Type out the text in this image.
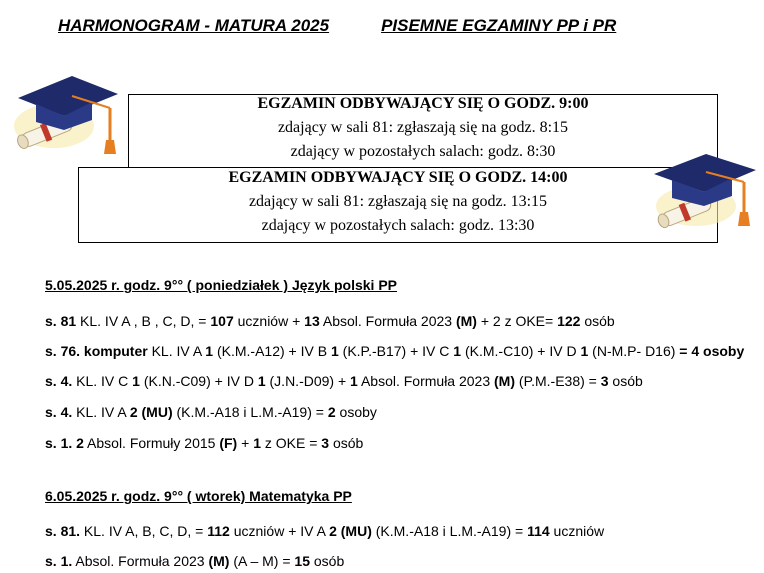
HARMONOGRAM - MATURA 2025	PISEMNE EGZAMINY PP i PR
EGZAMIN ODBYWAJĄCY SIĘ O GODZ. 9:00
zdający w sali 81: zgłaszają się na godz. 8:15
zdający w pozostałych salach: godz. 8:30
EGZAMIN ODBYWAJĄCY SIĘ O GODZ. 14:00
zdający w sali 81: zgłaszają się na godz. 13:15
zdający w pozostałych salach: godz. 13:30
5.05.2025 r. godz. 9°° ( poniedziałek ) Język polski PP
s. 81 KL. IV A , B , C, D, = 107 uczniów + 13 Absol. Formuła 2023 (M) + 2 z OKE= 122 osób
s. 76. komputer KL. IV A 1 (K.M.-A12) + IV B 1 (K.P.-B17) + IV C 1 (K.M.-C10) + IV D 1 (N-M.P- D16) = 4 osoby
s. 4. KL. IV C 1 (K.N.-C09) + IV D 1 (J.N.-D09) + 1 Absol. Formuła 2023 (M) (P.M.-E38) = 3 osób
s. 4. KL. IV A 2 (MU) (K.M.-A18 i L.M.-A19) = 2 osoby
s. 1. 2 Absol. Formuły 2015 (F) + 1 z OKE = 3 osób
6.05.2025 r. godz. 9°° ( wtorek) Matematyka PP
s. 81. KL. IV A, B, C, D, = 112 uczniów + IV A 2 (MU) (K.M.-A18 i L.M.-A19) = 114 uczniów
s. 1. Absol. Formuła 2023 (M) (A – M) = 15 osób
